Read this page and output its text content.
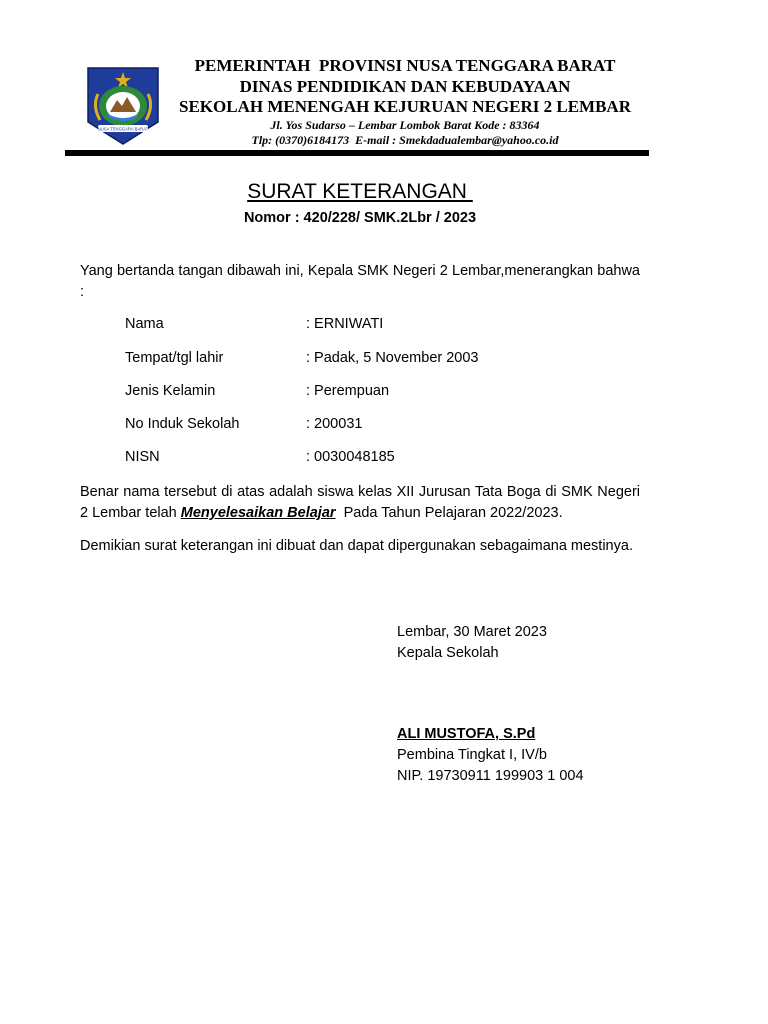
NUSA TENGGARA BARAT
PEMERINTAH  PROVINSI NUSA TENGGARA BARAT
DINAS PENDIDIKAN DAN KEBUDAYAAN
SEKOLAH MENENGAH KEJURUAN NEGERI 2 LEMBAR
Jl. Yos Sudarso – Lembar Lombok Barat Kode : 83364
Tlp: (0370)6184173  E-mail : Smekdadualembar@yahoo.co.id
SURAT KETERANGAN
Nomor : 420/228/ SMK.2Lbr / 2023
Yang bertanda tangan dibawah ini, Kepala SMK Negeri 2 Lembar,menerangkan bahwa :
Nama	: ERNIWATI
Tempat/tgl lahir	: Padak, 5 November 2003
Jenis Kelamin	: Perempuan
No Induk Sekolah	: 200031
NISN	: 0030048185
Benar nama tersebut di atas adalah siswa kelas XII Jurusan Tata Boga di SMK Negeri 2 Lembar telah Menyelesaikan Belajar  Pada Tahun Pelajaran 2022/2023.
Demikian surat keterangan ini dibuat dan dapat dipergunakan sebagaimana mestinya.
Lembar, 30 Maret 2023
Kepala Sekolah
ALI MUSTOFA, S.Pd
Pembina Tingkat I, IV/b
NIP. 19730911 199903 1 004
